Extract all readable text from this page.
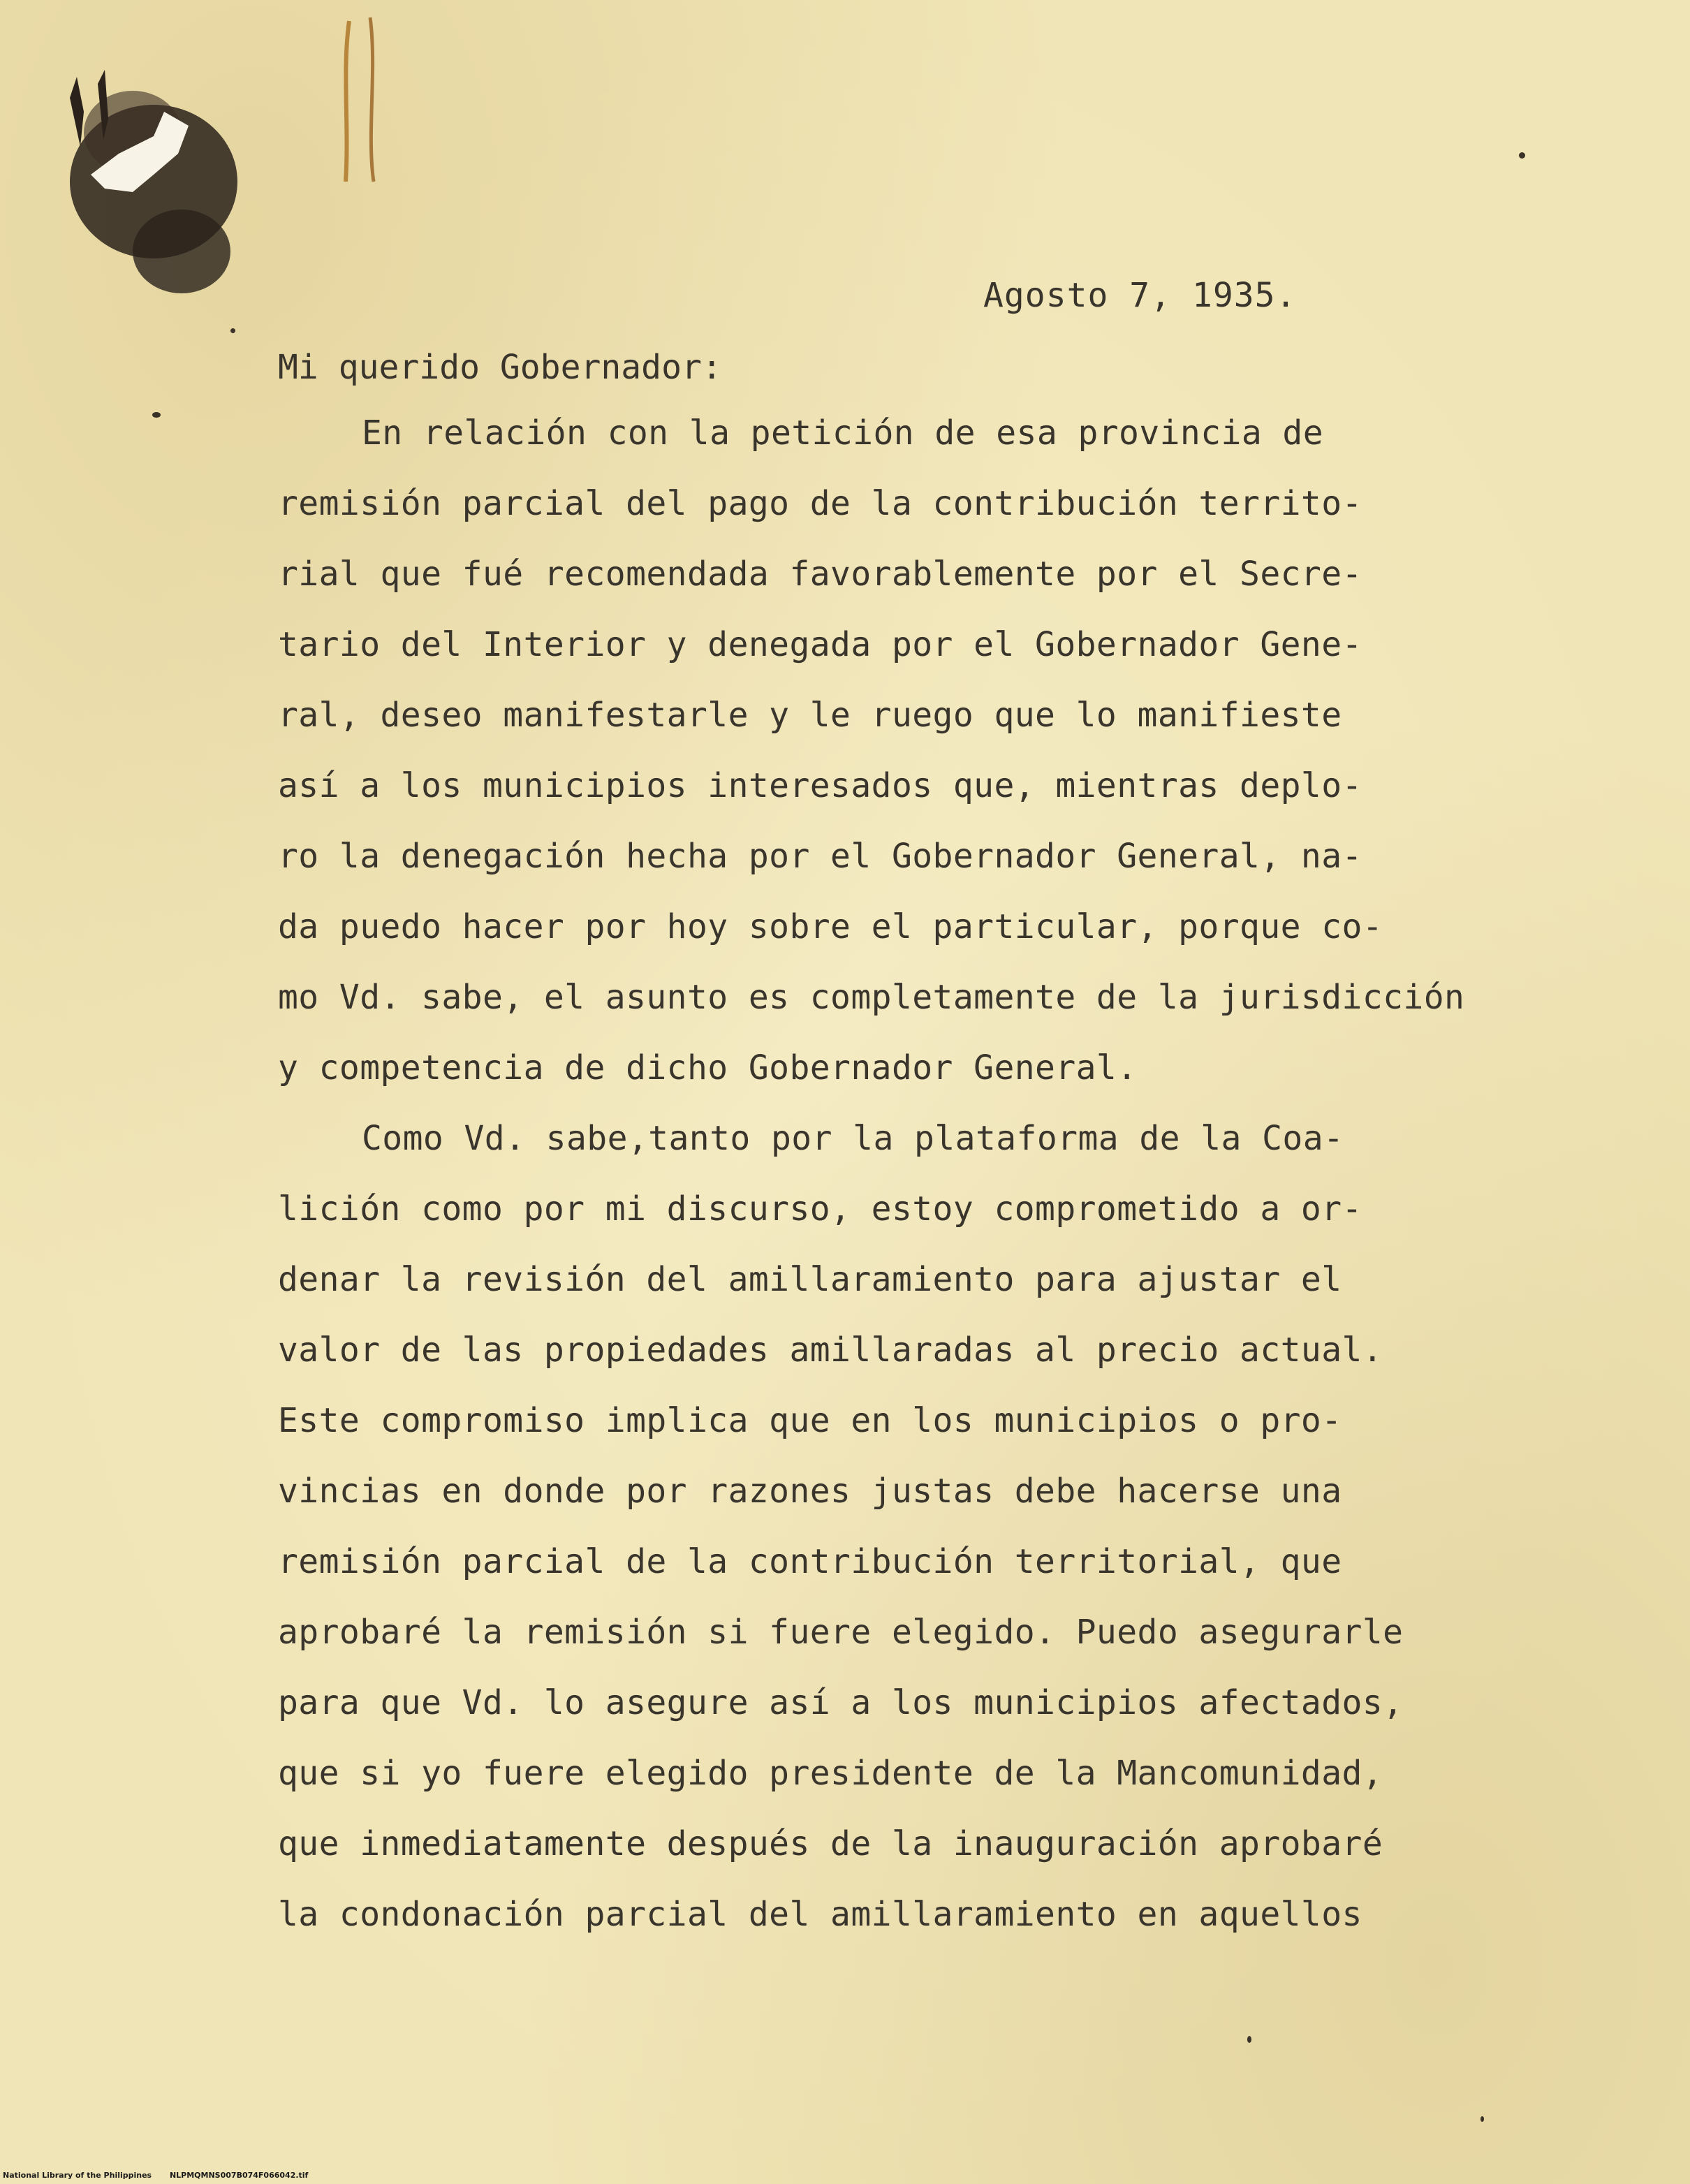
Agosto 7, 1935.
Mi querido Gobernador:
En relación con la petición de esa provincia de
remisión parcial del pago de la contribución territo-
rial que fué recomendada favorablemente por el Secre-
tario del Interior y denegada por el Gobernador Gene-
ral, deseo manifestarle y le ruego que lo manifieste
así a los municipios interesados que, mientras deplo-
ro la denegación hecha por el Gobernador General, na-
da puedo hacer por hoy sobre el particular, porque co-
mo Vd. sabe, el asunto es completamente de la jurisdicción
y competencia de dicho Gobernador General.
Como Vd. sabe,tanto por la plataforma de la Coa-
lición como por mi discurso, estoy comprometido a or-
denar la revisión del amillaramiento para ajustar el
valor de las propiedades amillaradas al precio actual.
Este compromiso implica que en los municipios o pro-
vincias en donde por razones justas debe hacerse una
remisión parcial de la contribución territorial, que
aprobaré la remisión si fuere elegido. Puedo asegurarle
para que Vd. lo asegure así a los municipios afectados,
que si yo fuere elegido presidente de la Mancomunidad,
que inmediatamente después de la inauguración aprobaré
la condonación parcial del amillaramiento en aquellos
National Library of the Philippines NLPMQMNS007B074F066042.tif
